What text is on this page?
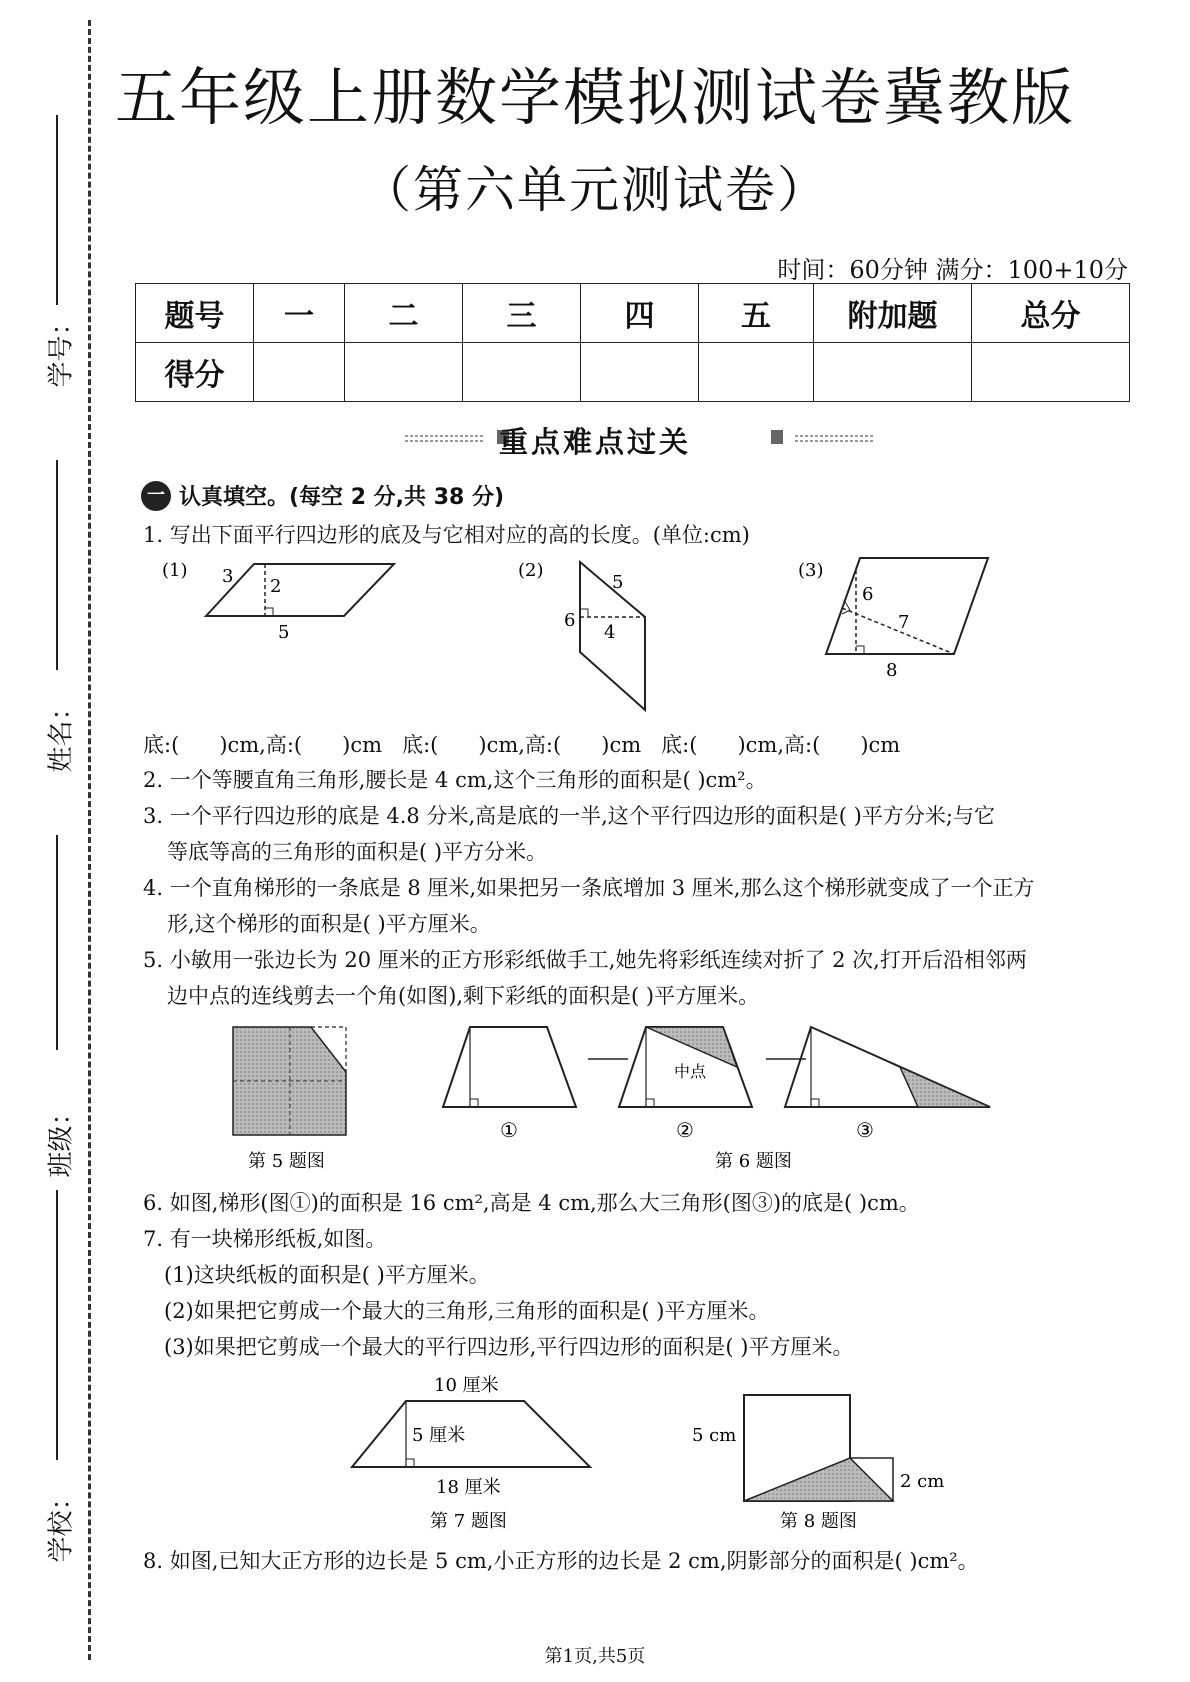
学号：
姓名：
班级：
学校：
五年级上册数学模拟测试卷冀教版
（第六单元测试卷）
时间：60分钟 满分：100+10分
题号	一	二	三	四	五	附加题	总分
得分							
重点难点过关
一 认真填空。(每空 2 分,共 38 分)
1. 写出下面平行四边形的底及与它相对应的高的长度。(单位:cm)
(1) 3 2
5
(2)
5
6
4
(3)
6
7
8
底:(      )cm,高:(      )cm   底:(      )cm,高:(      )cm   底:(      )cm,高:(      )cm
2. 一个等腰直角三角形,腰长是 4 cm,这个三角形的面积是( )cm²。
3. 一个平行四边形的底是 4.8 分米,高是底的一半,这个平行四边形的面积是( )平方分米;与它
等底等高的三角形的面积是( )平方分米。
4. 一个直角梯形的一条底是 8 厘米,如果把另一条底增加 3 厘米,那么这个梯形就变成了一个正方
形,这个梯形的面积是( )平方厘米。
5. 小敏用一张边长为 20 厘米的正方形彩纸做手工,她先将彩纸连续对折了 2 次,打开后沿相邻两
边中点的连线剪去一个角(如图),剩下彩纸的面积是( )平方厘米。
第 5 题图
①
中点
②	③
第 6 题图
6. 如图,梯形(图①)的面积是 16 cm²,高是 4 cm,那么大三角形(图③)的底是( )cm。
7. 有一块梯形纸板,如图。
(1)这块纸板的面积是( )平方厘米。
(2)如果把它剪成一个最大的三角形,三角形的面积是( )平方厘米。
(3)如果把它剪成一个最大的平行四边形,平行四边形的面积是( )平方厘米。
10 厘米
5 厘米
18 厘米
第 7 题图
5 cm
2 cm
第 8 题图
8. 如图,已知大正方形的边长是 5 cm,小正方形的边长是 2 cm,阴影部分的面积是( )cm²。
第1页,共5页
